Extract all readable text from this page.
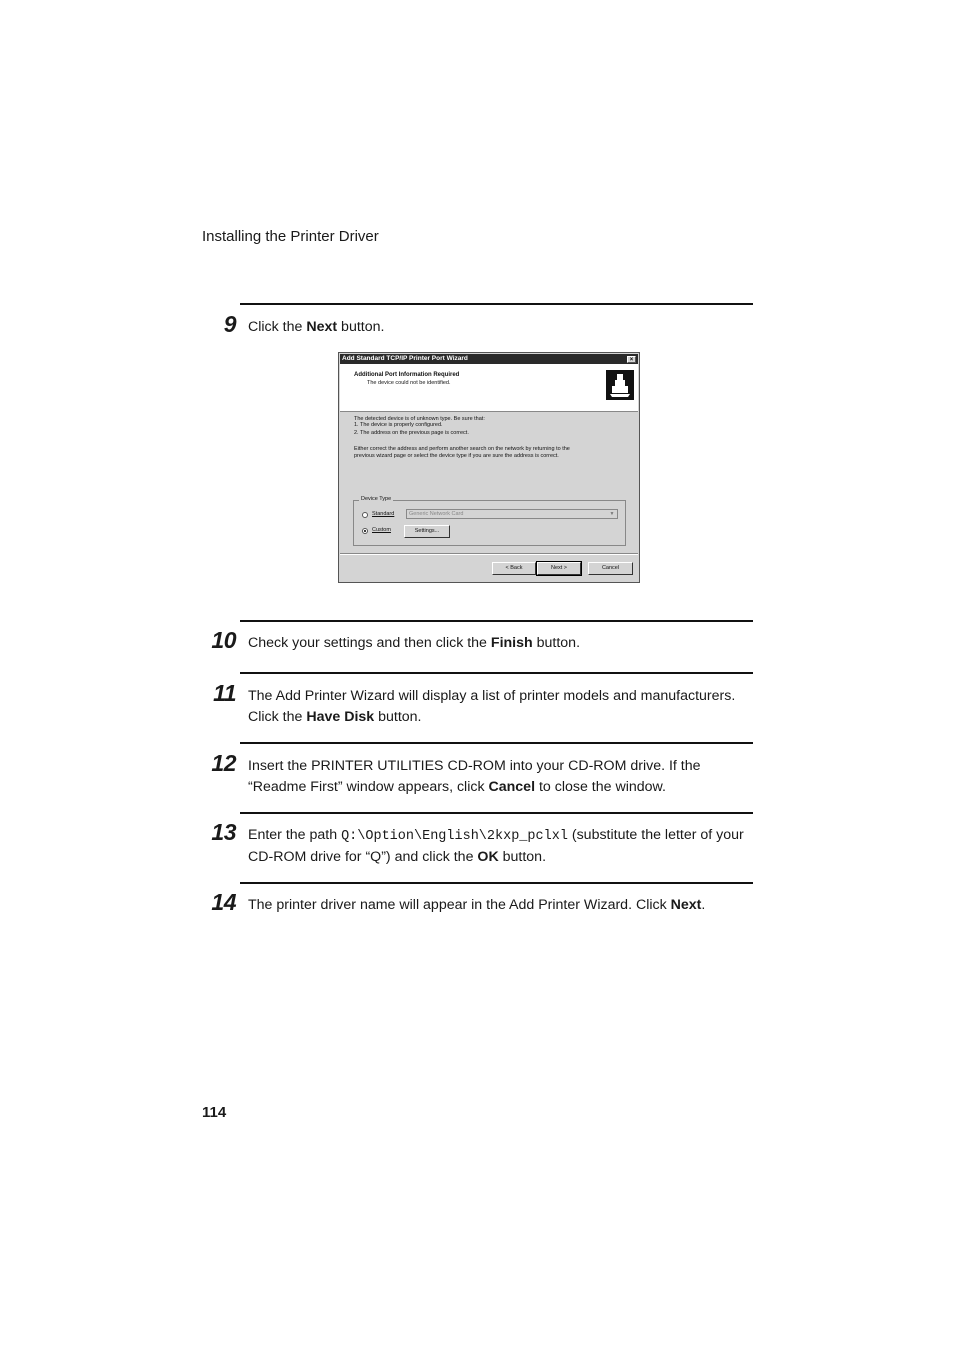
Installing the Printer Driver
9 Click the Next button.
Add Standard TCP/IP Printer Port Wizard	×
Additional Port Information Required
The device could not be identified.
The detected device is of unknown type. Be sure that:
1. The device is properly configured.
2. The address on the previous page is correct.
Either correct the address and perform another search on the network by returning to the
previous wizard page or select the device type if you are sure the address is correct.
Device Type
Standard	Generic Network Card	▼
Custom	Settings...
< Back	Next >	Cancel
10 Check your settings and then click the Finish button.
11 The Add Printer Wizard will display a list of printer models and manufacturers. Click the Have Disk button.
12 Insert the PRINTER UTILITIES CD-ROM into your CD-ROM drive. If the “Readme First” window appears, click Cancel to close the window.
13 Enter the path Q:\Option\English\2kxp_pclxl (substitute the letter of your CD-ROM drive for “Q”) and click the OK button.
14 The printer driver name will appear in the Add Printer Wizard. Click Next.
114
